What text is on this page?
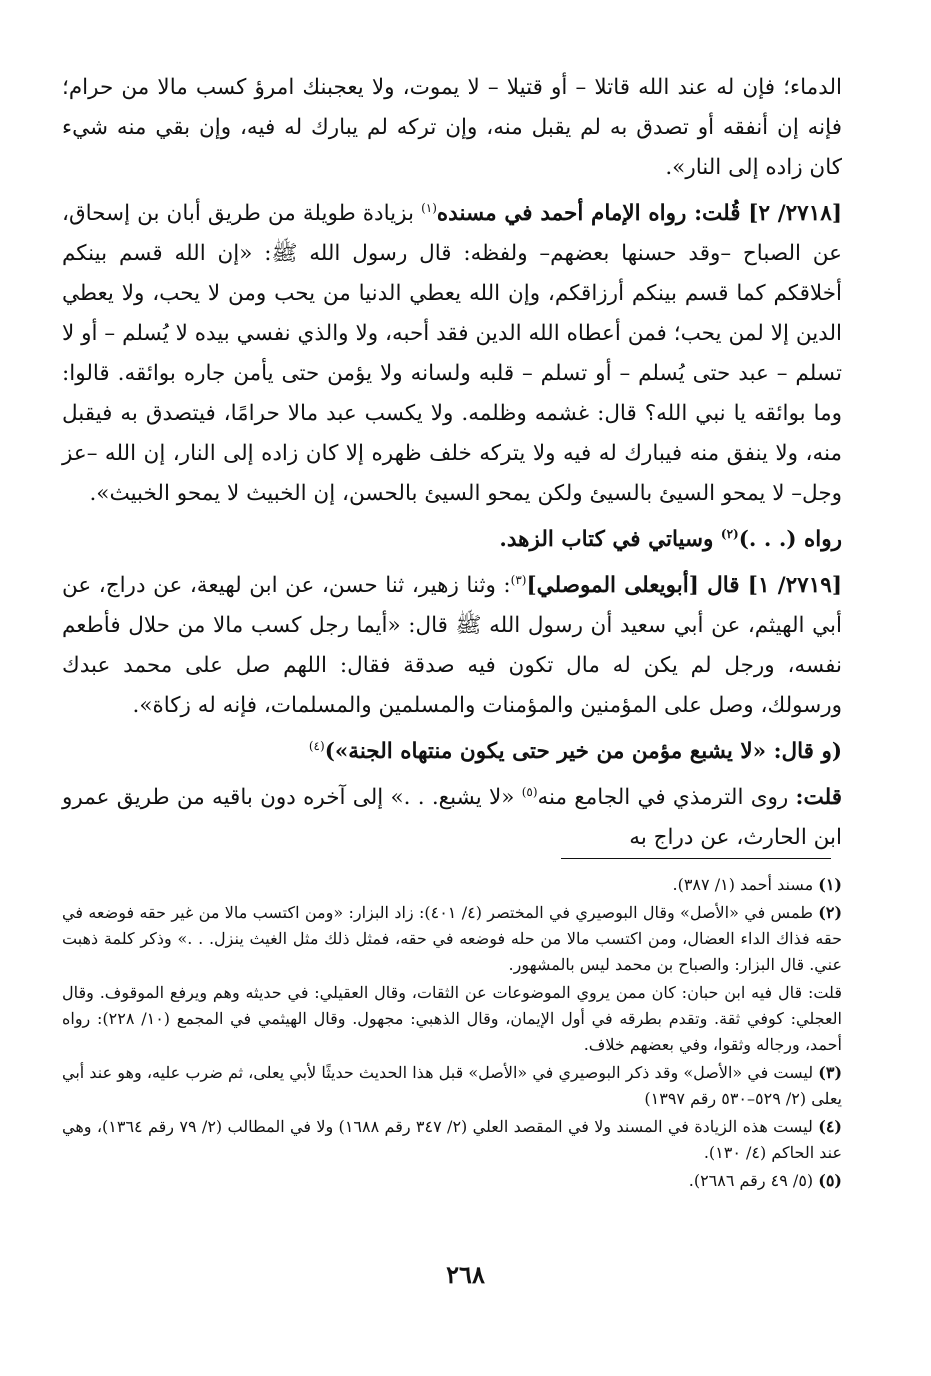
الدماء؛ فإن له عند الله قاتلا – أو قتيلا – لا يموت، ولا يعجبنك امرؤ كسب مالا من حرام؛ فإنه إن أنفقه أو تصدق به لم يقبل منه، وإن تركه لم يبارك له فيه، وإن بقي منه شيء كان زاده إلى النار».

[٢٧١٨/ ٢] قُلت: رواه الإمام أحمد في مسنده$^{(١)}$ بزيادة طويلة من طريق أبان بن إسحاق، عن الصباح –وقد حسنها بعضهم– ولفظه: قال رسول الله ﷺ: «إن الله قسم بينكم أخلاقكم كما قسم بينكم أرزاقكم، وإن الله يعطي الدنيا من يحب ومن لا يحب، ولا يعطي الدين إلا لمن يحب؛ فمن أعطاه الله الدين فقد أحبه، ولا والذي نفسي بيده لا يُسلم – أو لا تسلم – عبد حتى يُسلم – أو تسلم – قلبه ولسانه ولا يؤمن حتى يأمن جاره بوائقه. قالوا: وما بوائقه يا نبي الله؟ قال: غشمه وظلمه. ولا يكسب عبد مالا حرامًا، فيتصدق به فيقبل منه، ولا ينفق منه فيبارك له فيه ولا يتركه خلف ظهره إلا كان زاده إلى النار، إن الله –عز وجل– لا يمحو السيئ بالسيئ ولكن يمحو السيئ بالحسن، إن الخبيث لا يمحو الخبيث».

رواه (. . .)$^{(٢)}$ وسياتي في كتاب الزهد.

[٢٧١٩/ ١] قال [أبويعلى الموصلي]$^{(٣)}$: وثنا زهير، ثنا حسن، عن ابن لهيعة، عن دراج، عن أبي الهيثم، عن أبي سعيد أن رسول الله ﷺ قال: «أيما رجل كسب مالا من حلال فأطعم نفسه، ورجل لم يكن له مال تكون فيه صدقة فقال: اللهم صل على محمد عبدك ورسولك، وصل على المؤمنين والمؤمنات والمسلمين والمسلمات، فإنه له زكاة».

(و قال: «لا يشبع مؤمن من خير حتى يكون منتهاه الجنة»)$^{(٤)}$

قلت: روى الترمذي في الجامع منه$^{(٥)}$ «لا يشبع. . .» إلى آخره دون باقيه من طريق عمرو ابن الحارث، عن دراج به

(١) مسند أحمد (١/ ٣٨٧).

(٢) طمس في «الأصل» وقال البوصيري في المختصر (٤/ ٤٠١): زاد البزار: «ومن اكتسب مالا من غير حقه فوضعه في حقه فذاك الداء العضال، ومن اكتسب مالا من حله فوضعه في حقه، فمثل ذلك مثل الغيث ينزل. . .» وذكر كلمة ذهبت عني. قال البزار: والصباح بن محمد ليس بالمشهور.

قلت: قال فيه ابن حبان: كان ممن يروي الموضوعات عن الثقات، وقال العقيلي: في حديثه وهم ويرفع الموقوف. وقال العجلي: كوفي ثقة. وتقدم بطرقه في أول الإيمان، وقال الذهبي: مجهول. وقال الهيثمي في المجمع (١٠/ ٢٢٨): رواه أحمد، ورجاله وثقوا، وفي بعضهم خلاف.

(٣) ليست في «الأصل» وقد ذكر البوصيري في «الأصل» قبل هذا الحديث حديثًا لأبي يعلى، ثم ضرب عليه، وهو عند أبي يعلى (٢/ ٥٢٩–٥٣٠ رقم ١٣٩٧)

(٤) ليست هذه الزيادة في المسند ولا في المقصد العلي (٢/ ٣٤٧ رقم ١٦٨٨) ولا في المطالب (٢/ ٧٩ رقم ١٣٦٤)، وهي عند الحاكم (٤/ ١٣٠).

(٥) (٥/ ٤٩ رقم ٢٦٨٦).

٢٦٨
